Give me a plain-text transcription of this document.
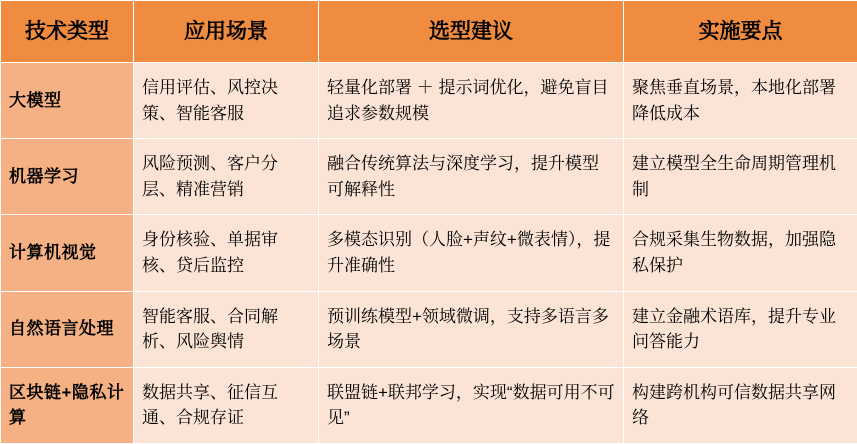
技术类型	应用场景	选型建议	实施要点
大模型	信用评估、风控决策、智能客服	轻量化部署 ＋ 提示词优化，避免盲目追求参数规模	聚焦垂直场景，本地化部署降低成本
机器学习	风险预测、客户分层、精准营销	融合传统算法与深度学习，提升模型可解释性	建立模型全生命周期管理机制
计算机视觉	身份核验、单据审核、贷后监控	多模态识别（人脸+声纹+微表情），提升准确性	合规采集生物数据，加强隐私保护
自然语言处理	智能客服、合同解析、风险舆情	预训练模型+领域微调，支持多语言多场景	建立金融术语库，提升专业问答能力
区块链+隐私计算	数据共享、征信互通、合规存证	联盟链+联邦学习，实现“数据可用不可见”	构建跨机构可信数据共享网络
